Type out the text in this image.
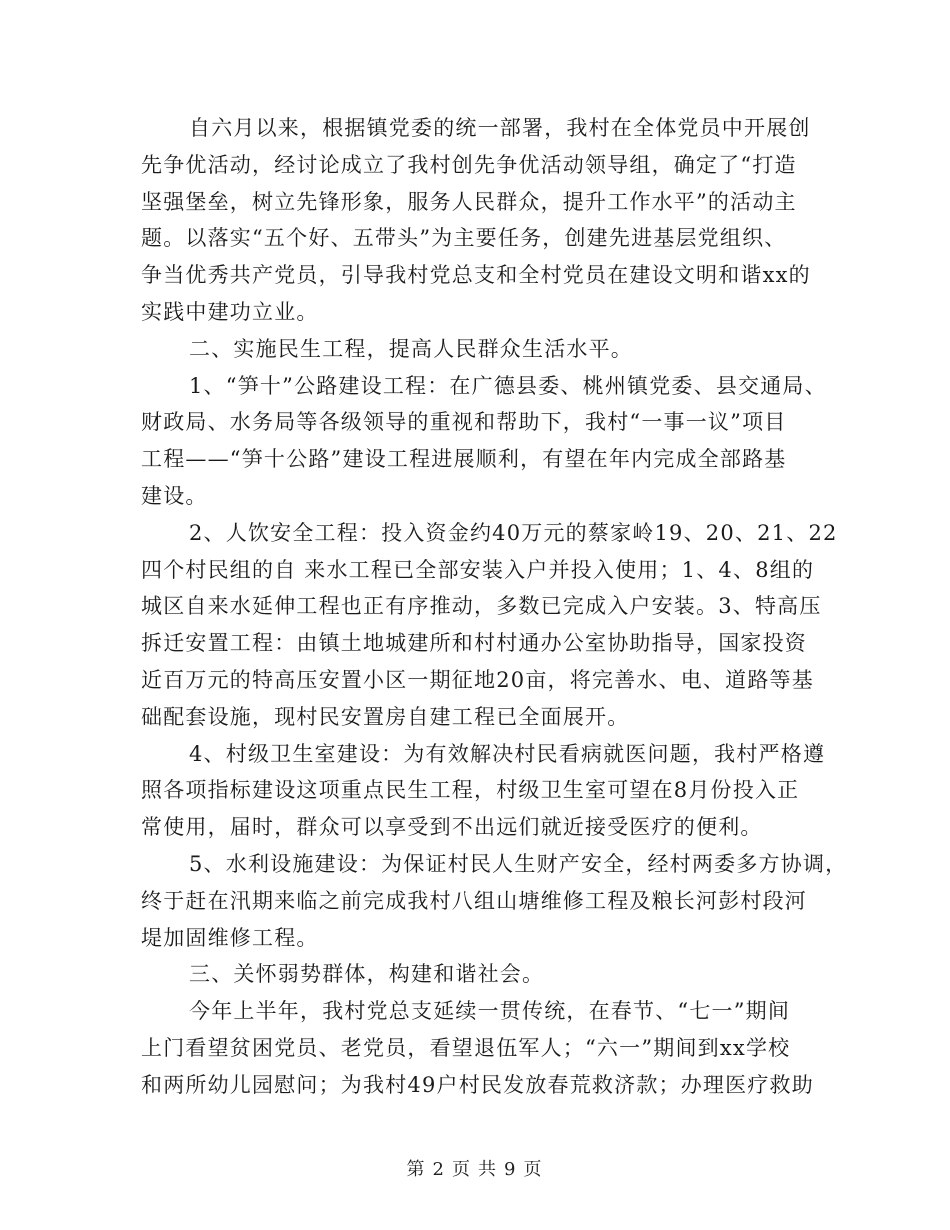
自六月以来，根据镇党委的统一部署，我村在全体党员中开展创
先争优活动，经讨论成立了我村创先争优活动领导组，确定了“打造
坚强堡垒，树立先锋形象，服务人民群众，提升工作水平”的活动主
题。以落实“五个好、五带头”为主要任务，创建先进基层党组织、
争当优秀共产党员，引导我村党总支和全村党员在建设文明和谐xx的
实践中建功立业。

二、实施民生工程，提高人民群众生活水平。

1、“笋十”公路建设工程：在广德县委、桃州镇党委、县交通局、
财政局、水务局等各级领导的重视和帮助下，我村“一事一议”项目
工程——“笋十公路”建设工程进展顺利，有望在年内完成全部路基
建设。

2、人饮安全工程：投入资金约40万元的蔡家岭19、20、21、22
四个村民组的自 来水工程已全部安装入户并投入使用；1、4、8组的
城区自来水延伸工程也正有序推动，多数已完成入户安装。3、特高压
拆迁安置工程：由镇土地城建所和村村通办公室协助指导，国家投资
近百万元的特高压安置小区一期征地20亩，将完善水、电、道路等基
础配套设施，现村民安置房自建工程已全面展开。

4、村级卫生室建设：为有效解决村民看病就医问题，我村严格遵
照各项指标建设这项重点民生工程，村级卫生室可望在8月份投入正
常使用，届时，群众可以享受到不出远们就近接受医疗的便利。

5、水利设施建设：为保证村民人生财产安全，经村两委多方协调，
终于赶在汛期来临之前完成我村八组山塘维修工程及粮长河彭村段河
堤加固维修工程。

三、关怀弱势群体，构建和谐社会。

今年上半年，我村党总支延续一贯传统，在春节、“七一”期间
上门看望贫困党员、老党员，看望退伍军人；“六一”期间到xx学校
和两所幼儿园慰问；为我村49户村民发放春荒救济款；办理医疗救助

第 2 页 共 9 页
